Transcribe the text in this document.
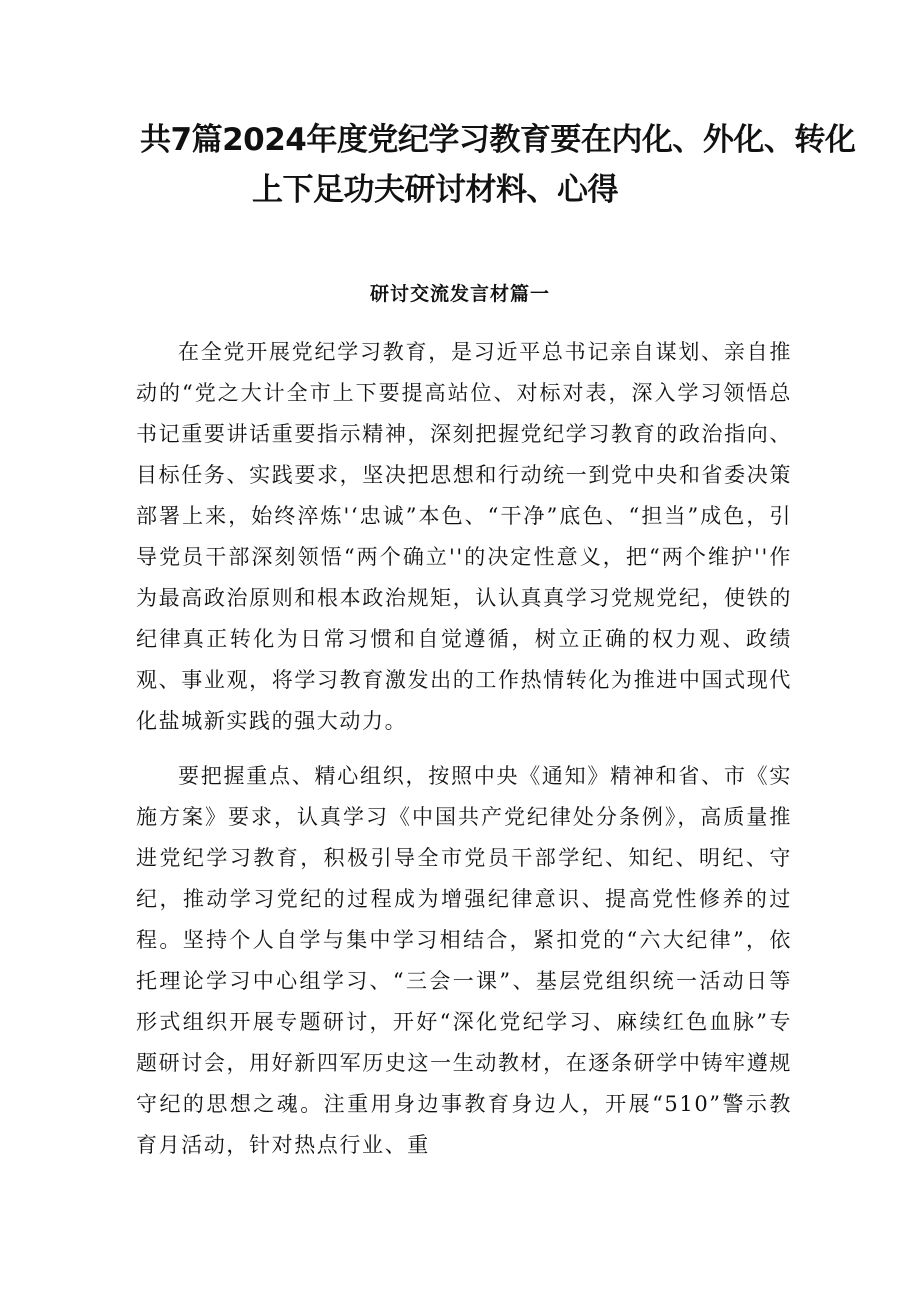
共7篇2024年度党纪学习教育要在内化、外化、转化
上下足功夫研讨材料、心得
研讨交流发言材篇一

在全党开展党纪学习教育，是习近平总书记亲自谋划、亲自推动的“党之大计全市上下要提高站位、对标对表，深入学习领悟总书记重要讲话重要指示精神，深刻把握党纪学习教育的政治指向、目标任务、实践要求，坚决把思想和行动统一到党中央和省委决策部署上来，始终淬炼'‘忠诚”本色、“干净”底色、“担当”成色，引导党员干部深刻领悟“两个确立''的决定性意义，把“两个维护''作为最高政治原则和根本政治规矩，认认真真学习党规党纪，使铁的纪律真正转化为日常习惯和自觉遵循，树立正确的权力观、政绩观、事业观，将学习教育激发出的工作热情转化为推进中国式现代化盐城新实践的强大动力。

要把握重点、精心组织，按照中央《通知》精神和省、市《实施方案》要求，认真学习《中国共产党纪律处分条例》，高质量推进党纪学习教育，积极引导全市党员干部学纪、知纪、明纪、守纪，推动学习党纪的过程成为增强纪律意识、提高党性修养的过程。坚持个人自学与集中学习相结合，紧扣党的“六大纪律”，依托理论学习中心组学习、“三会一课”、基层党组织统一活动日等形式组织开展专题研讨，开好“深化党纪学习、麻续红色血脉”专题研讨会，用好新四军历史这一生动教材，在逐条研学中铸牢遵规守纪的思想之魂。注重用身边事教育身边人，开展“510”警示教育月活动，针对热点行业、重
